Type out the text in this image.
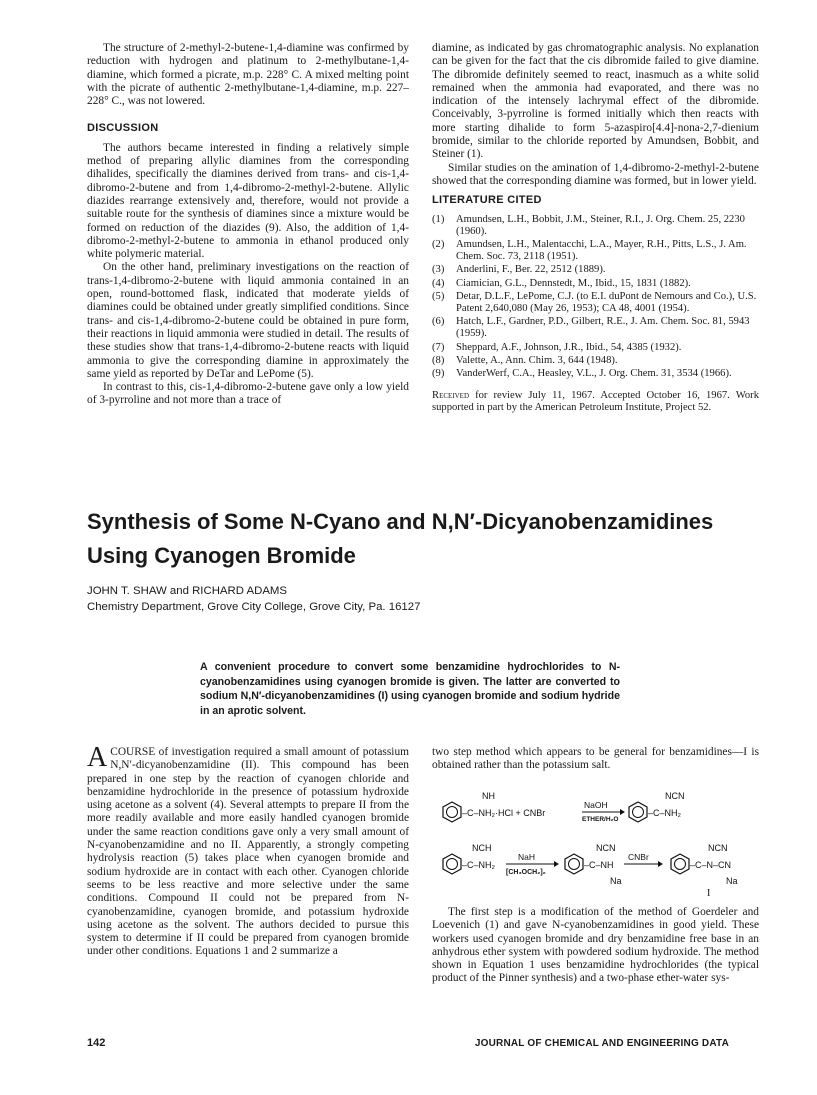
The structure of 2-methyl-2-butene-1,4-diamine was confirmed by reduction with hydrogen and platinum to 2-methylbutane-1,4-diamine, which formed a picrate, m.p. 228° C. A mixed melting point with the picrate of authentic 2-methylbutane-1,4-diamine, m.p. 227–228° C., was not lowered.

DISCUSSION

The authors became interested in finding a relatively simple method of preparing allylic diamines from the corresponding dihalides, specifically the diamines derived from trans- and cis-1,4-dibromo-2-butene and from 1,4-dibromo-2-methyl-2-butene. Allylic diazides rearrange extensively and, therefore, would not provide a suitable route for the synthesis of diamines since a mixture would be formed on reduction of the diazides (9). Also, the addition of 1,4-dibromo-2-methyl-2-butene to ammonia in ethanol produced only white polymeric material.

On the other hand, preliminary investigations on the reaction of trans-1,4-dibromo-2-butene with liquid ammonia contained in an open, round-bottomed flask, indicated that moderate yields of diamines could be obtained under greatly simplified conditions. Since trans- and cis-1,4-dibromo-2-butene could be obtained in pure form, their reactions in liquid ammonia were studied in detail. The results of these studies show that trans-1,4-dibromo-2-butene reacts with liquid ammonia to give the corresponding diamine in approximately the same yield as reported by DeTar and LePome (5).

In contrast to this, cis-1,4-dibromo-2-butene gave only a low yield of 3-pyrroline and not more than a trace of

diamine, as indicated by gas chromatographic analysis. No explanation can be given for the fact that the cis dibromide failed to give diamine. The dibromide definitely seemed to react, inasmuch as a white solid remained when the ammonia had evaporated, and there was no indication of the intensely lachrymal effect of the dibromide. Conceivably, 3-pyrroline is formed initially which then reacts with more starting dihalide to form 5-azaspiro[4.4]-nona-2,7-dienium bromide, similar to the chloride reported by Amundsen, Bobbit, and Steiner (1).

Similar studies on the amination of 1,4-dibromo-2-methyl-2-butene showed that the corresponding diamine was formed, but in lower yield.

LITERATURE CITED
(1)	Amundsen, L.H., Bobbit, J.M., Steiner, R.I., J. Org. Chem. 25, 2230 (1960).
(2)	Amundsen, L.H., Malentacchi, L.A., Mayer, R.H., Pitts, L.S., J. Am. Chem. Soc. 73, 2118 (1951).
(3)	Anderlini, F., Ber. 22, 2512 (1889).
(4)	Ciamician, G.L., Dennstedt, M., Ibid., 15, 1831 (1882).
(5)	Detar, D.L.F., LePome, C.J. (to E.I. duPont de Nemours and Co.), U.S. Patent 2,640,080 (May 26, 1953); CA 48, 4001 (1954).
(6)	Hatch, L.F., Gardner, P.D., Gilbert, R.E., J. Am. Chem. Soc. 81, 5943 (1959).
(7)	Sheppard, A.F., Johnson, J.R., Ibid., 54, 4385 (1932).
(8)	Valette, A., Ann. Chim. 3, 644 (1948).
(9)	VanderWerf, C.A., Heasley, V.L., J. Org. Chem. 31, 3534 (1966).
Received for review July 11, 1967. Accepted October 16, 1967. Work supported in part by the American Petroleum Institute, Project 52.
Synthesis of Some N-Cyano and N,N′-Dicyanobenzamidines
Using Cyanogen Bromide
JOHN T. SHAW and RICHARD ADAMS
Chemistry Department, Grove City College, Grove City, Pa. 16127
A convenient procedure to convert some benzamidine hydrochlorides to N-cyanobenzamidines using cyanogen bromide is given. The latter are converted to sodium N,N′-dicyanobenzamidines (I) using cyanogen bromide and sodium hydride in an aprotic solvent.

ACOURSE of investigation required a small amount of potassium N,N′-dicyanobenzamidine (II). This compound has been prepared in one step by the reaction of cyanogen chloride and benzamidine hydrochloride in the presence of potassium hydroxide using acetone as a solvent (4). Several attempts to prepare II from the more readily available and more easily handled cyanogen bromide under the same reaction conditions gave only a very small amount of N-cyanobenzamidine and no II. Apparently, a strongly competing hydrolysis reaction (5) takes place when cyanogen bromide and sodium hydroxide are in contact with each other. Cyanogen chloride seems to be less reactive and more selective under the same conditions. Compound II could not be prepared from N-cyanobenzamidine, cyanogen bromide, and potassium hydroxide using acetone as the solvent. The authors decided to pursue this system to determine if II could be prepared from cyanogen bromide under other conditions. Equations 1 and 2 summarize a

two step method which appears to be general for benzamidines—I is obtained rather than the potassium salt.

NH
–C–NH₂·HCl + CNBr
NaOH
ETHER/H₂O
NCN
–C–NH₂
NCH
–C–NH₂
NaH
[CH₃OCH₂]₂
NCN
–C–NH
Na
CNBr
NCN
–C–N–CN
Na
I

The first step is a modification of the method of Goerdeler and Loevenich (1) and gave N-cyanobenzamidines in good yield. These workers used cyanogen bromide and dry benzamidine free base in an anhydrous ether system with powdered sodium hydroxide. The method shown in Equation 1 uses benzamidine hydrochlorides (the typical product of the Pinner synthesis) and a two-phase ether-water sys-

142	JOURNAL OF CHEMICAL AND ENGINEERING DATA
